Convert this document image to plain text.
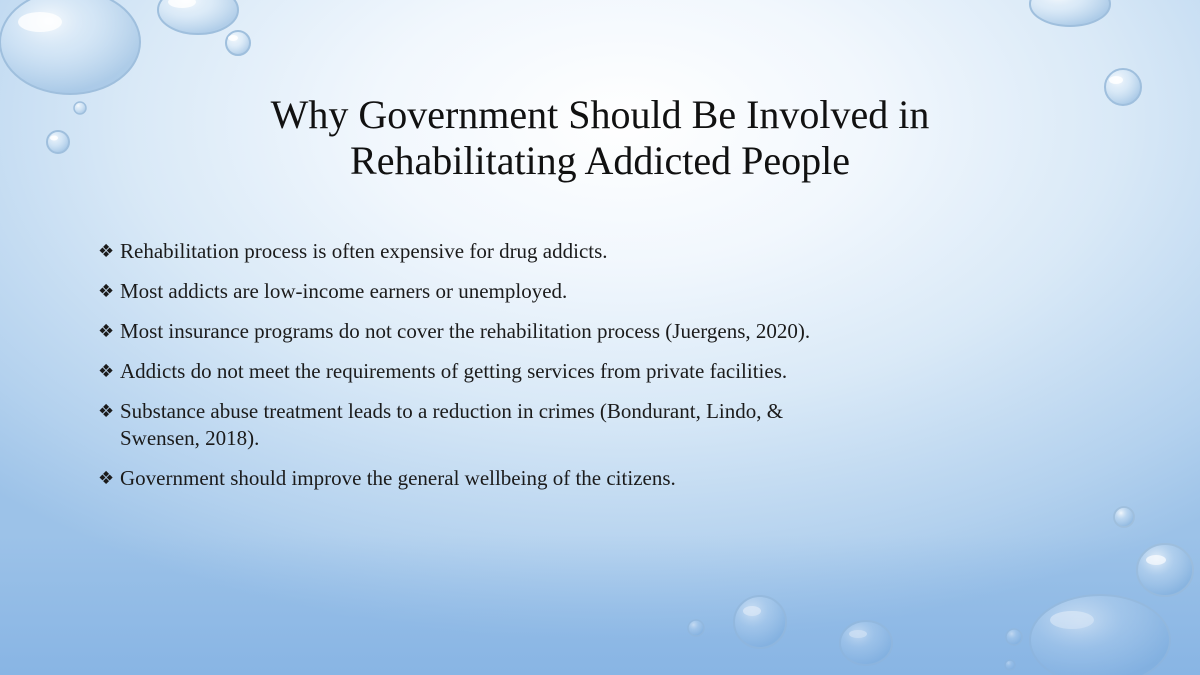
Why Government Should Be Involved in
Rehabilitating Addicted People
❖ Rehabilitation process is often expensive for drug addicts.
❖ Most addicts are low-income earners or unemployed.
❖ Most insurance programs do not cover the rehabilitation process (Juergens, 2020).
❖ Addicts do not meet the requirements of getting services from private facilities.
❖ Substance abuse treatment leads to a reduction in crimes (Bondurant, Lindo, & Swensen, 2018).
❖ Government should improve the general wellbeing of the citizens.
